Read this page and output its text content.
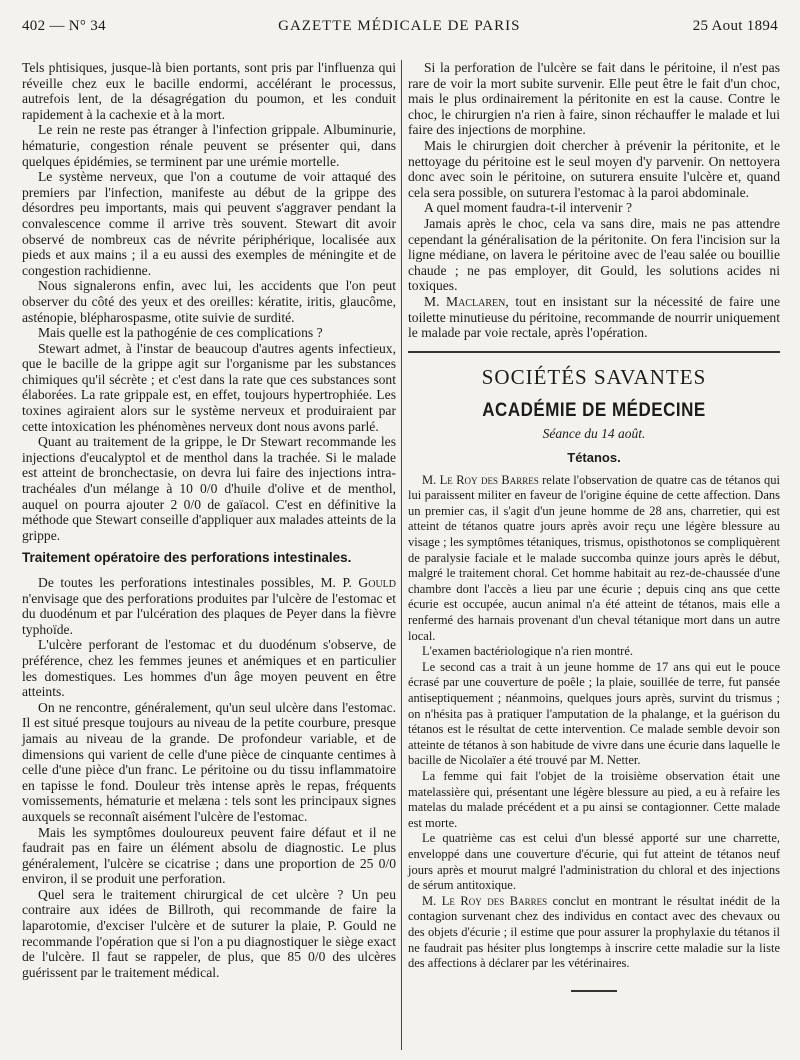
402 — N° 34	GAZETTE MÉDICALE DE PARIS	25 Aout 1894

Tels phtisiques, jusque-là bien portants, sont pris par l'influenza qui réveille chez eux le bacille endormi, accélérant le processus, autrefois lent, de la désagrégation du poumon, et les conduit rapidement à la cachexie et à la mort.

Le rein ne reste pas étranger à l'infection grippale. Albuminurie, hématurie, congestion rénale peuvent se présenter qui, dans quelques épidémies, se terminent par une urémie mortelle.

Le système nerveux, que l'on a coutume de voir attaqué des premiers par l'infection, manifeste au début de la grippe des désordres peu importants, mais qui peuvent s'aggraver pendant la convalescence comme il arrive très souvent. Stewart dit avoir observé de nombreux cas de névrite périphérique, localisée aux pieds et aux mains ; il a eu aussi des exemples de méningite et de congestion rachidienne.

Nous signalerons enfin, avec lui, les accidents que l'on peut observer du côté des yeux et des oreilles: kératite, iritis, glaucôme, asténopie, blépharospasme, otite suivie de surdité.

Mais quelle est la pathogénie de ces complications ?

Stewart admet, à l'instar de beaucoup d'autres agents infectieux, que le bacille de la grippe agit sur l'organisme par les substances chimiques qu'il sécrète ; et c'est dans la rate que ces substances sont élaborées. La rate grippale est, en effet, toujours hypertrophiée. Les toxines agiraient alors sur le système nerveux et produiraient par cette intoxication les phénomènes nerveux dont nous avons parlé.

Quant au traitement de la grippe, le Dr Stewart recommande les injections d'eucalyptol et de menthol dans la trachée. Si le malade est atteint de bronchectasie, on devra lui faire des injections intra-trachéales d'un mélange à 10 0/0 d'huile d'olive et de menthol, auquel on pourra ajouter 2 0/0 de gaïacol. C'est en définitive la méthode que Stewart conseille d'appliquer aux malades atteints de la grippe.

Traitement opératoire des perforations intestinales.

De toutes les perforations intestinales possibles, M. P. Gould n'envisage que des perforations produites par l'ulcère de l'estomac et du duodénum et par l'ulcération des plaques de Peyer dans la fièvre typhoïde.

L'ulcère perforant de l'estomac et du duodénum s'observe, de préférence, chez les femmes jeunes et anémiques et en particulier les domestiques. Les hommes d'un âge moyen peuvent en être atteints.

On ne rencontre, généralement, qu'un seul ulcère dans l'estomac. Il est situé presque toujours au niveau de la petite courbure, presque jamais au niveau de la grande. De profondeur variable, et de dimensions qui varient de celle d'une pièce de cinquante centimes à celle d'une pièce d'un franc. Le péritoine ou du tissu inflammatoire en tapisse le fond. Douleur très intense après le repas, fréquents vomissements, hématurie et melæna : tels sont les principaux signes auxquels se reconnaît aisément l'ulcère de l'estomac.

Mais les symptômes douloureux peuvent faire défaut et il ne faudrait pas en faire un élément absolu de diagnostic. Le plus généralement, l'ulcère se cicatrise ; dans une proportion de 25 0/0 environ, il se produit une perforation.

Quel sera le traitement chirurgical de cet ulcère ? Un peu contraire aux idées de Billroth, qui recommande de faire la laparotomie, d'exciser l'ulcère et de suturer la plaie, P. Gould ne recommande l'opération que si l'on a pu diagnostiquer le siège exact de l'ulcère. Il faut se rappeler, de plus, que 85 0/0 des ulcères guérissent par le traitement médical.

Si la perforation de l'ulcère se fait dans le péritoine, il n'est pas rare de voir la mort subite survenir. Elle peut être le fait d'un choc, mais le plus ordinairement la péritonite en est la cause. Contre le choc, le chirurgien n'a rien à faire, sinon réchauffer le malade et lui faire des injections de morphine.

Mais le chirurgien doit chercher à prévenir la péritonite, et le nettoyage du péritoine est le seul moyen d'y parvenir. On nettoyera donc avec soin le péritoine, on suturera ensuite l'ulcère et, quand cela sera possible, on suturera l'estomac à la paroi abdominale.

A quel moment faudra-t-il intervenir ?

Jamais après le choc, cela va sans dire, mais ne pas attendre cependant la généralisation de la péritonite. On fera l'incision sur la ligne médiane, on lavera le péritoine avec de l'eau salée ou bouillie chaude ; ne pas employer, dit Gould, les solutions acides ni toxiques.

M. Maclaren, tout en insistant sur la nécessité de faire une toilette minutieuse du péritoine, recommande de nourrir uniquement le malade par voie rectale, après l'opération.

SOCIÉTÉS SAVANTES
ACADÉMIE DE MÉDECINE
Séance du 14 août.
Tétanos.

M. Le Roy des Barres relate l'observation de quatre cas de tétanos qui lui paraissent militer en faveur de l'origine équine de cette affection. Dans un premier cas, il s'agit d'un jeune homme de 28 ans, charretier, qui est atteint de tétanos quatre jours après avoir reçu une légère blessure au visage ; les symptômes tétaniques, trismus, opisthotonos se compliquèrent de paralysie faciale et le malade succomba quinze jours après le début, malgré le traitement choral. Cet homme habitait au rez-de-chaussée d'une chambre dont l'accès a lieu par une écurie ; depuis cinq ans que cette écurie est occupée, aucun animal n'a été atteint de tétanos, mais elle a renfermé des harnais provenant d'un cheval tétanique mort dans un autre local.

L'examen bactériologique n'a rien montré.

Le second cas a trait à un jeune homme de 17 ans qui eut le pouce écrasé par une couverture de poêle ; la plaie, souillée de terre, fut pansée antiseptiquement ; néanmoins, quelques jours après, survint du trismus ; on n'hésita pas à pratiquer l'amputation de la phalange, et la guérison du tétanos est le résultat de cette intervention. Ce malade semble devoir son atteinte de tétanos à son habitude de vivre dans une écurie dans laquelle le bacille de Nicolaïer a été trouvé par M. Netter.

La femme qui fait l'objet de la troisième observation était une matelassière qui, présentant une légère blessure au pied, a eu à refaire les matelas du malade précédent et a pu ainsi se contagionner. Cette malade est morte.

Le quatrième cas est celui d'un blessé apporté sur une charrette, enveloppé dans une couverture d'écurie, qui fut atteint de tétanos neuf jours après et mourut malgré l'administration du chloral et des injections de sérum antitoxique.

M. Le Roy des Barres conclut en montrant le résultat inédit de la contagion survenant chez des individus en contact avec des chevaux ou des objets d'écurie ; il estime que pour assurer la prophylaxie du tétanos il ne faudrait pas hésiter plus longtemps à inscrire cette maladie sur la liste des affections à déclarer par les vétérinaires.
